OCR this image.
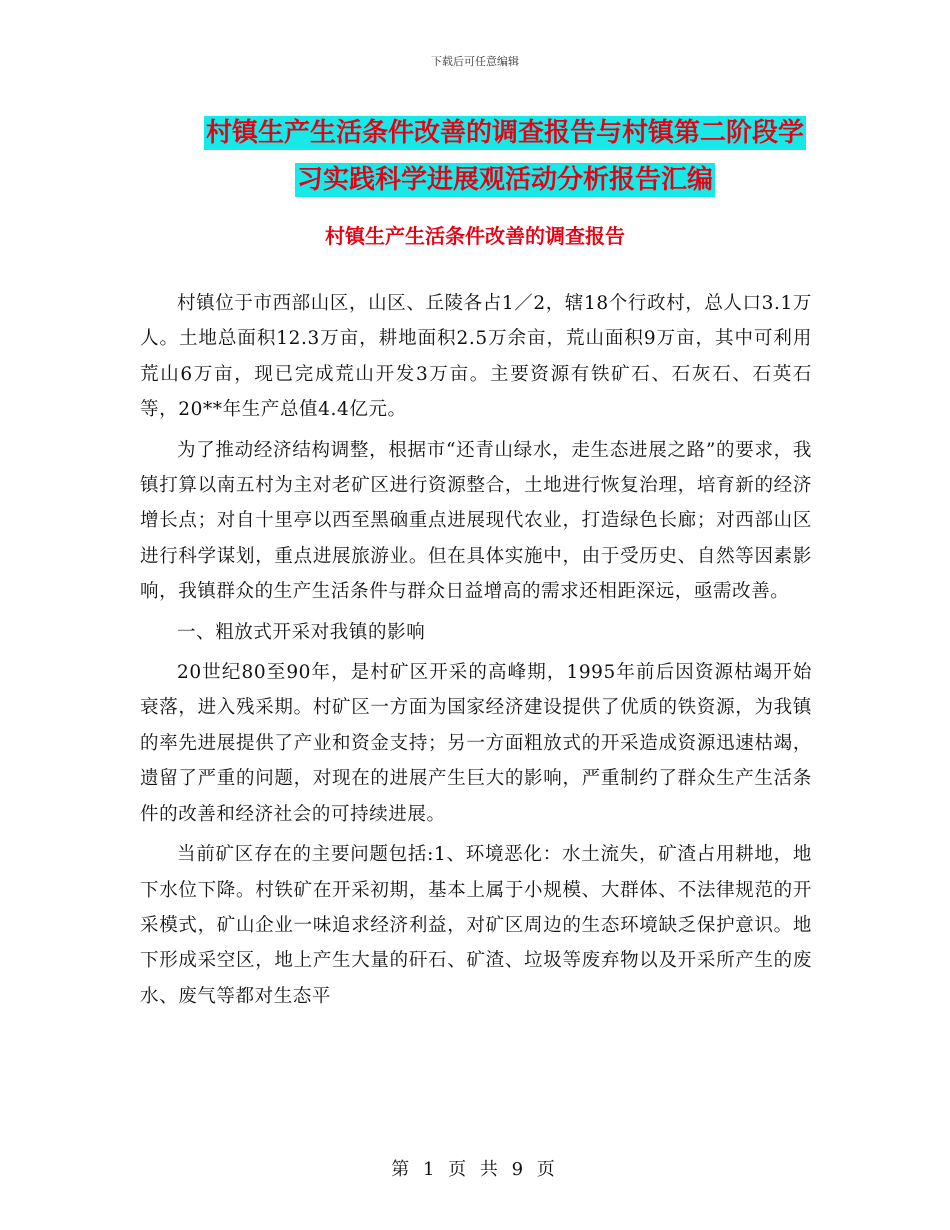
下载后可任意编辑
村镇生产生活条件改善的调查报告与村镇第二阶段学
习实践科学进展观活动分析报告汇编
村镇生产生活条件改善的调查报告

村镇位于市西部山区，山区、丘陵各占1／2，辖18个行政村，总人口3.1万人。土地总面积12.3万亩，耕地面积2.5万余亩，荒山面积9万亩，其中可利用荒山6万亩，现已完成荒山开发3万亩。主要资源有铁矿石、石灰石、石英石等，20**年生产总值4.4亿元。

为了推动经济结构调整，根据市“还青山绿水，走生态进展之路”的要求，我镇打算以南五村为主对老矿区进行资源整合，土地进行恢复治理，培育新的经济增长点；对自十里亭以西至黑硇重点进展现代农业，打造绿色长廊；对西部山区进行科学谋划，重点进展旅游业。但在具体实施中，由于受历史、自然等因素影响，我镇群众的生产生活条件与群众日益增高的需求还相距深远，亟需改善。

一、粗放式开采对我镇的影响

20世纪80至90年，是村矿区开采的高峰期，1995年前后因资源枯竭开始衰落，进入残采期。村矿区一方面为国家经济建设提供了优质的铁资源，为我镇的率先进展提供了产业和资金支持；另一方面粗放式的开采造成资源迅速枯竭，遗留了严重的问题，对现在的进展产生巨大的影响，严重制约了群众生产生活条件的改善和经济社会的可持续进展。

当前矿区存在的主要问题包括:1、环境恶化：水土流失，矿渣占用耕地，地下水位下降。村铁矿在开采初期，基本上属于小规模、大群体、不法律规范的开采模式，矿山企业一味追求经济利益，对矿区周边的生态环境缺乏保护意识。地下形成采空区，地上产生大量的矸石、矿渣、垃圾等废弃物以及开采所产生的废水、废气等都对生态平

第 1 页 共 9 页
